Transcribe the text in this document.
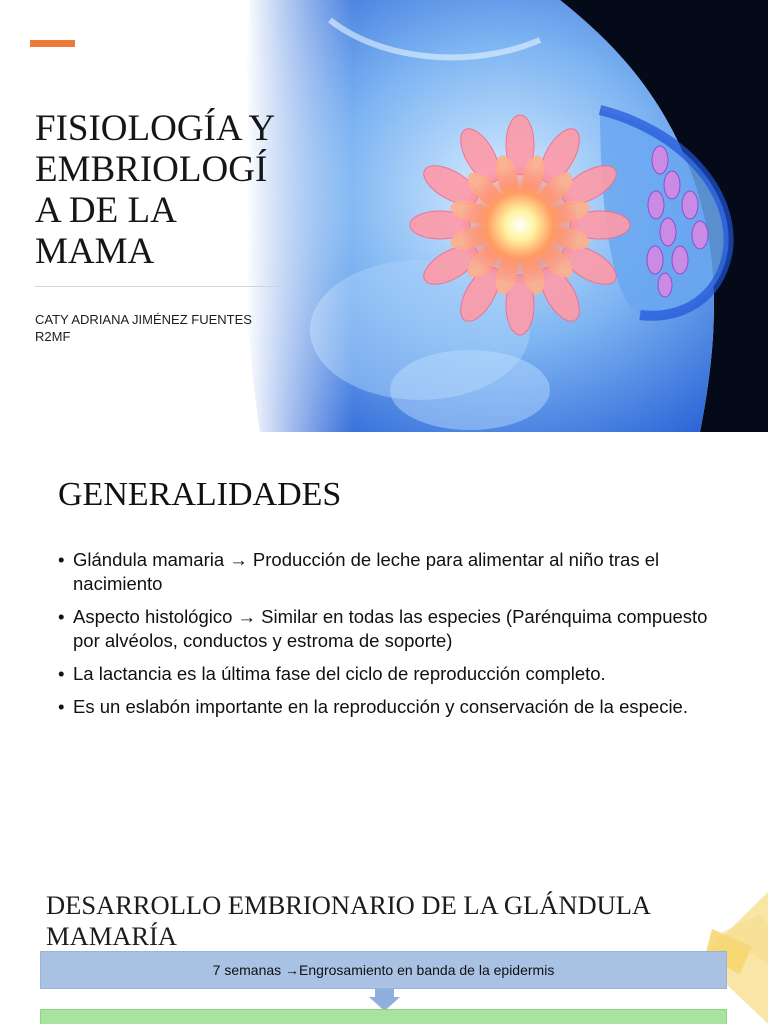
FISIOLOGÍA Y
EMBRIOLOGÍ
A DE LA
MAMA
CATY ADRIANA JIMÉNEZ FUENTES
R2MF
GENERALIDADES
• Glándula mamaria → Producción de leche para alimentar al niño tras el nacimiento
• Aspecto histológico → Similar en todas las especies (Parénquima compuesto por alvéolos, conductos y estroma de soporte)
• La lactancia es la última fase del ciclo de reproducción completo.
• Es un eslabón importante en la reproducción y conservación de la especie.
DESARROLLO EMBRIONARIO DE LA GLÁNDULA MAMARÍA
7 semanas →Engrosamiento en banda de la epidermis
